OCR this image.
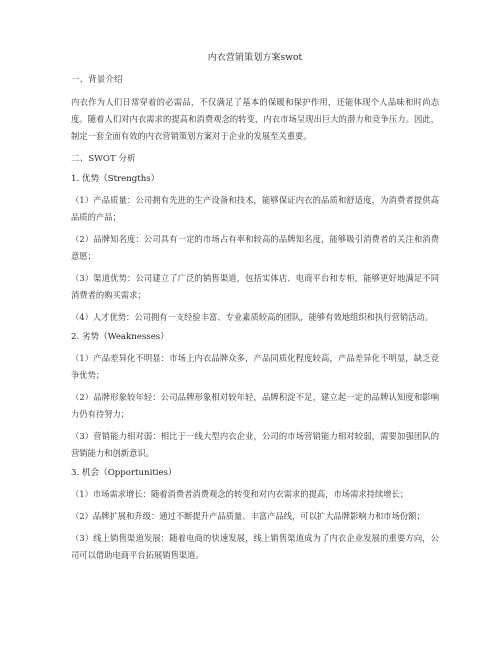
内衣营销策划方案swot
一、背景介绍
内衣作为人们日常穿着的必需品，不仅满足了基本的保暖和保护作用，还能体现个人品味和时尚态度。随着人们对内衣需求的提高和消费观念的转变，内衣市场呈现出巨大的潜力和竞争压力。因此，制定一套全面有效的内衣营销策划方案对于企业的发展至关重要。
二、SWOT 分析
1. 优势（Strengths）
（1）产品质量：公司拥有先进的生产设备和技术，能够保证内衣的品质和舒适度，为消费者提供高品质的产品；
（2）品牌知名度：公司具有一定的市场占有率和较高的品牌知名度，能够吸引消费者的关注和消费意愿；
（3）渠道优势：公司建立了广泛的销售渠道，包括实体店、电商平台和专柜，能够更好地满足不同消费者的购买需求；
（4）人才优势：公司拥有一支经验丰富、专业素质较高的团队，能够有效地组织和执行营销活动。
2. 劣势（Weaknesses）
（1）产品差异化不明显：市场上内衣品牌众多，产品同质化程度较高，产品差异化不明显，缺乏竞争优势；
（2）品牌形象较年轻：公司品牌形象相对较年轻，品牌积淀不足，建立起一定的品牌认知度和影响力仍有待努力；
（3）营销能力相对弱：相比于一线大型内衣企业，公司的市场营销能力相对较弱，需要加强团队的营销能力和创新意识。
3. 机会（Opportunities）
（1）市场需求增长：随着消费者消费观念的转变和对内衣需求的提高，市场需求持续增长；
（2）品牌扩展和升级：通过不断提升产品质量、丰富产品线，可以扩大品牌影响力和市场份额；
（3）线上销售渠道发展：随着电商的快速发展，线上销售渠道成为了内衣企业发展的重要方向，公司可以借助电商平台拓展销售渠道。
